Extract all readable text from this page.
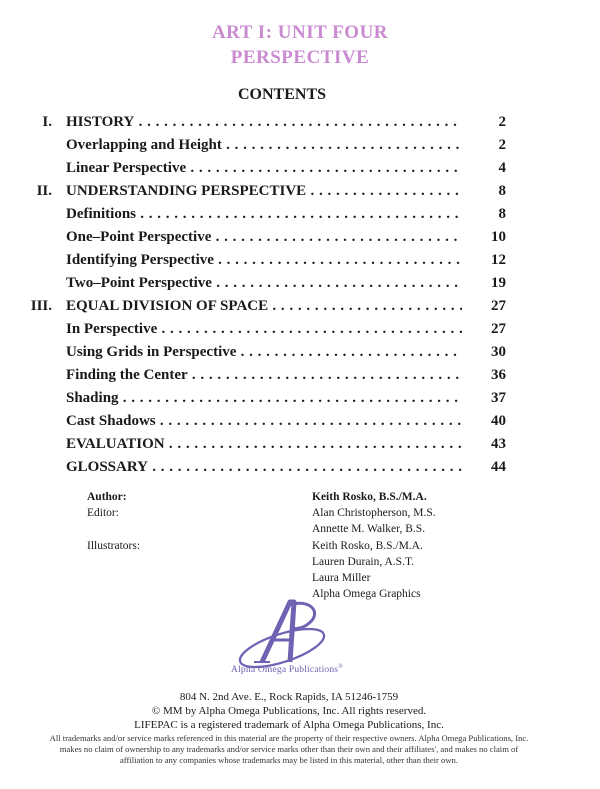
ART I: UNIT FOUR
PERSPECTIVE
CONTENTS
I. HISTORY . . .	2
Overlapping and Height . . .	2
Linear Perspective . . .	4
II. UNDERSTANDING PERSPECTIVE . . .	8
Definitions . . .	8
One–Point Perspective . . .	10
Identifying Perspective . . .	12
Two–Point Perspective . . .	19
III. EQUAL DIVISION OF SPACE . . .	27
In Perspective . . .	27
Using Grids in Perspective . . .	30
Finding the Center . . .	36
Shading . . .	37
Cast Shadows . . .	40
EVALUATION . . .	43
GLOSSARY . . .	44
Author:	Keith Rosko, B.S./M.A.
Editor:	Alan Christopherson, M.S.
Annette M. Walker, B.S.
Illustrators:	Keith Rosko, B.S./M.A.
Lauren Durain, A.S.T.
Laura Miller
Alpha Omega Graphics
Alpha Omega Publications®
804 N. 2nd Ave. E., Rock Rapids, IA 51246-1759
© MM by Alpha Omega Publications, Inc. All rights reserved.
LIFEPAC is a registered trademark of Alpha Omega Publications, Inc.
All trademarks and/or service marks referenced in this material are the property of their respective owners. Alpha Omega Publications, Inc.
makes no claim of ownership to any trademarks and/or service marks other than their own and their affiliates', and makes no claim of
affiliation to any companies whose trademarks may be listed in this material, other than their own.
